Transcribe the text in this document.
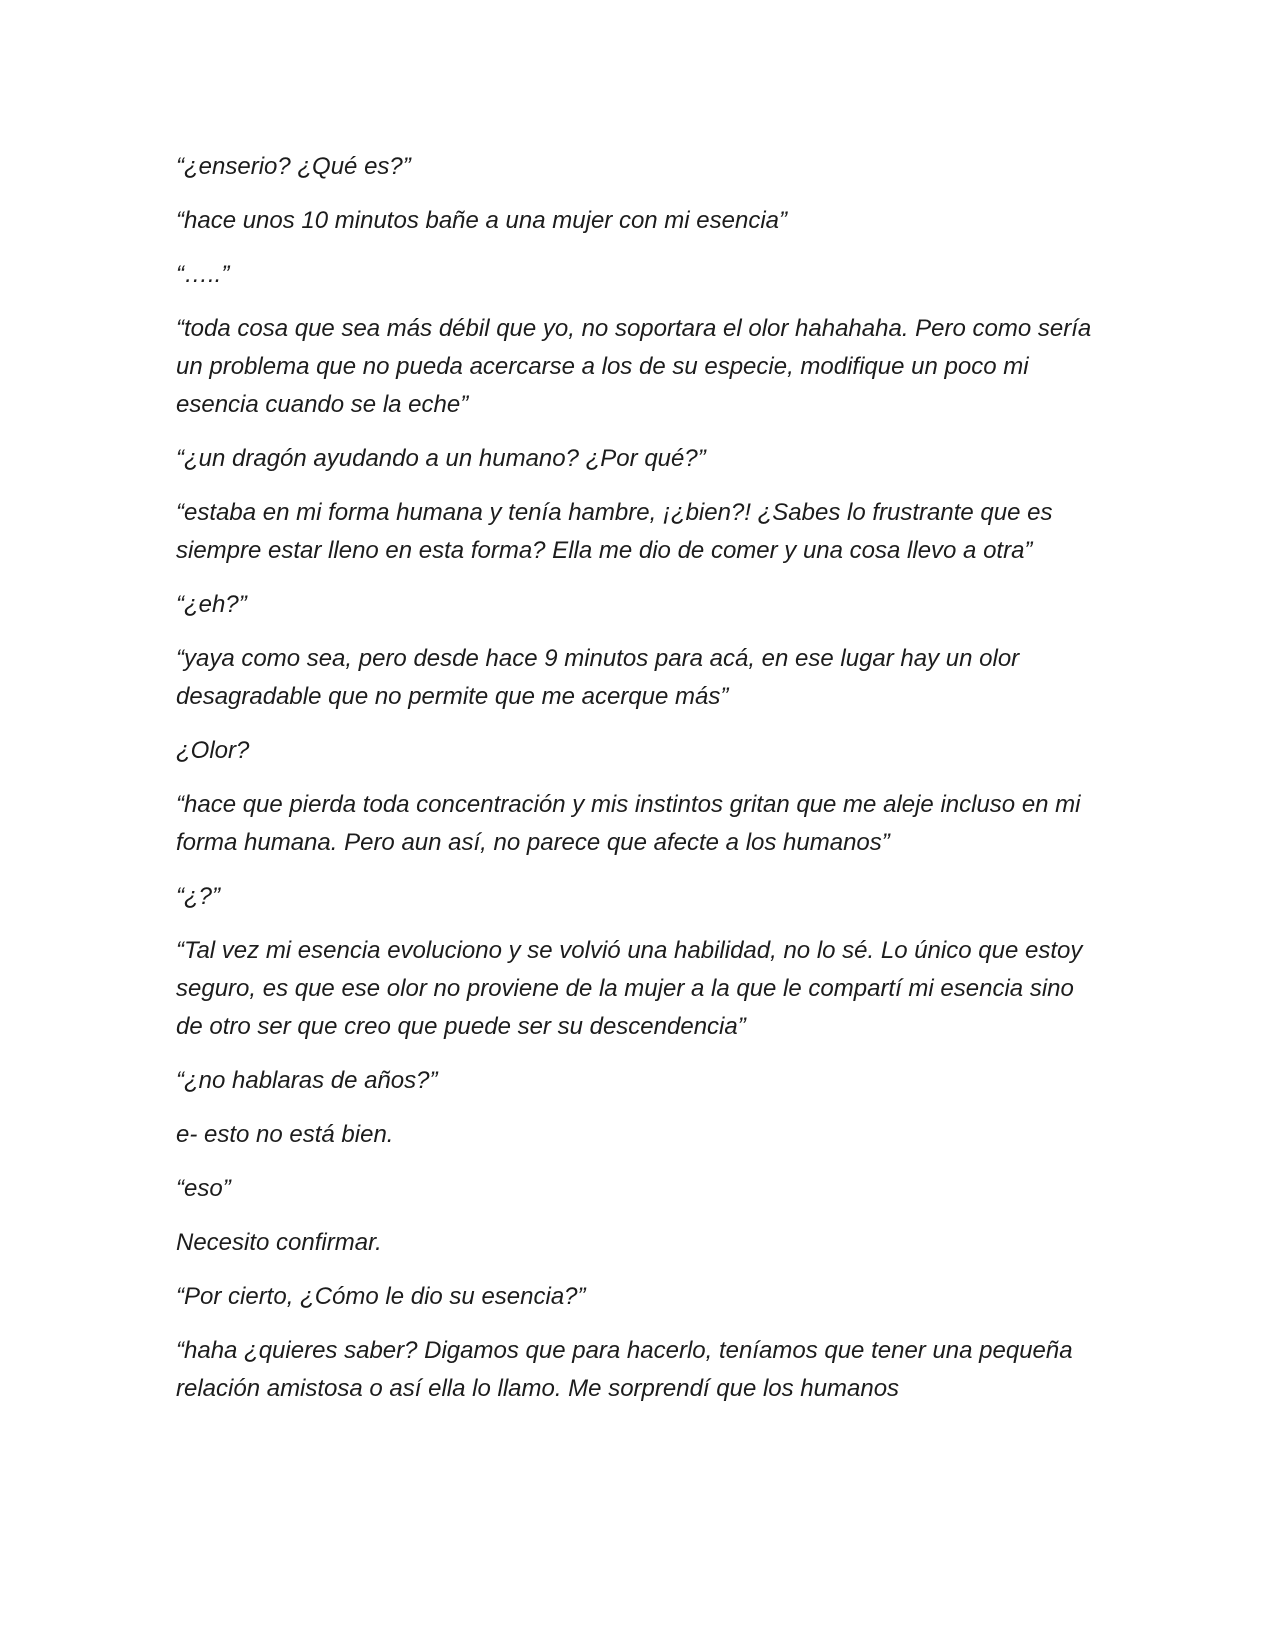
“¿enserio? ¿Qué es?”

“hace unos 10 minutos bañe a una mujer con mi esencia”

“…..”

“toda cosa que sea más débil que yo, no soportara el olor hahahaha. Pero como sería un problema que no pueda acercarse a los de su especie, modifique un poco mi esencia cuando se la eche”

“¿un dragón ayudando a un humano? ¿Por qué?”

“estaba en mi forma humana y tenía hambre, ¡¿bien?! ¿Sabes lo frustrante que es siempre estar lleno en esta forma? Ella me dio de comer y una cosa llevo a otra”

“¿eh?”

“yaya como sea, pero desde hace 9 minutos para acá, en ese lugar hay un olor desagradable que no permite que me acerque más”

¿Olor?

“hace que pierda toda concentración y mis instintos gritan que me aleje incluso en mi forma humana. Pero aun así, no parece que afecte a los humanos”

“¿?”

“Tal vez mi esencia evoluciono y se volvió una habilidad, no lo sé. Lo único que estoy seguro, es que ese olor no proviene de la mujer a la que le compartí mi esencia sino de otro ser que creo que puede ser su descendencia”

“¿no hablaras de años?”

e- esto no está bien.

“eso”

Necesito confirmar.

“Por cierto, ¿Cómo le dio su esencia?”

“haha ¿quieres saber? Digamos que para hacerlo, teníamos que tener una pequeña relación amistosa o así ella lo llamo. Me sorprendí que los humanos
